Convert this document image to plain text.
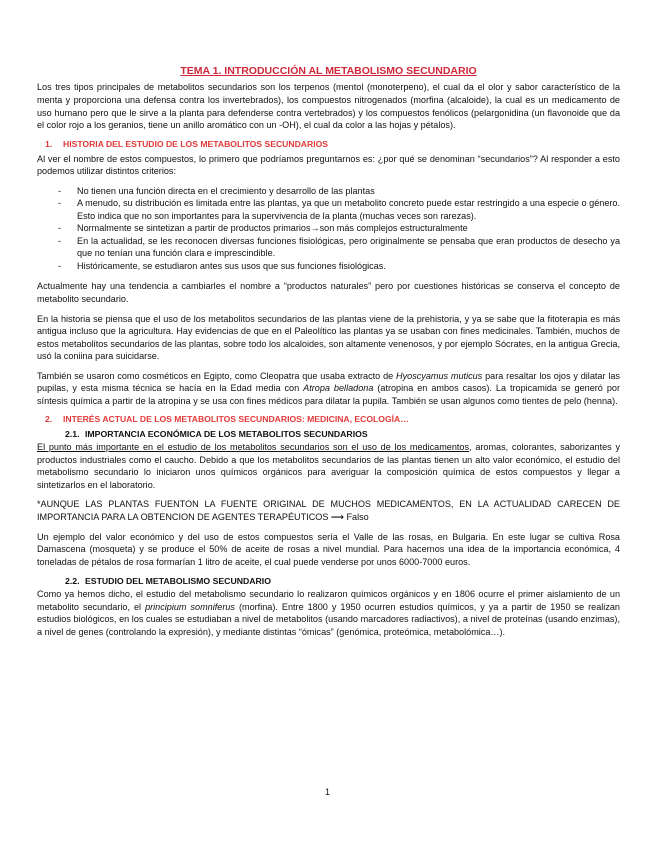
TEMA 1. INTRODUCCIÓN AL METABOLISMO SECUNDARIO

Los tres tipos principales de metabolitos secundarios son los terpenos (mentol (monoterpeno), el cual da el olor y sabor característico de la menta y proporciona una defensa contra los invertebrados), los compuestos nitrogenados (morfina (alcaloide), la cual es un medicamento de uso humano pero que le sirve a la planta para defenderse contra vertebrados) y los compuestos fenólicos (pelargonidina (un flavonoide que da el color rojo a los geranios, tiene un anillo aromático con un -OH), el cual da color a las hojas y pétalos).

1. HISTORIA DEL ESTUDIO DE LOS METABOLITOS SECUNDARIOS

Al ver el nombre de estos compuestos, lo primero que podríamos preguntarnos es: ¿por qué se denominan “secundarios”? Al responder a esto podemos utilizar distintos criterios:

- No tienen una función directa en el crecimiento y desarrollo de las plantas
- A menudo, su distribución es limitada entre las plantas, ya que un metabolito concreto puede estar restringido a una especie o género. Esto indica que no son importantes para la supervivencia de la planta (muchas veces son rarezas).
- Normalmente se sintetizan a partir de productos primarios→son más complejos estructuralmente
- En la actualidad, se les reconocen diversas funciones fisiológicas, pero originalmente se pensaba que eran productos de desecho ya que no tenían una función clara e imprescindible.
- Históricamente, se estudiaron antes sus usos que sus funciones fisiológicas.

Actualmente hay una tendencia a cambiarles el nombre a “productos naturales” pero por cuestiones históricas se conserva el concepto de metabolito secundario.

En la historia se piensa que el uso de los metabolitos secundarios de las plantas viene de la prehistoria, y ya se sabe que la fitoterapia es más antigua incluso que la agricultura. Hay evidencias de que en el Paleolítico las plantas ya se usaban con fines medicinales. También, muchos de estos metabolitos secundarios de las plantas, sobre todo los alcaloides, son altamente venenosos, y por ejemplo Sócrates, en la antigua Grecia, usó la coniina para suicidarse.

También se usaron como cosméticos en Egipto, como Cleopatra que usaba extracto de Hyoscyamus muticus para resaltar los ojos y dilatar las pupilas, y esta misma técnica se hacía en la Edad media con Atropa belladona (atropina en ambos casos). La tropicamida se generó por síntesis química a partir de la atropina y se usa con fines médicos para dilatar la pupila. También se usan algunos como tientes de pelo (henna).

2. INTERÉS ACTUAL DE LOS METABOLITOS SECUNDARIOS: MEDICINA, ECOLOGÍA…
2.1. IMPORTANCIA ECONÓMICA DE LOS METABOLITOS SECUNDARIOS

El punto más importante en el estudio de los metabolitos secundarios son el uso de los medicamentos, aromas, colorantes, saborizantes y productos industriales como el caucho. Debido a que los metabolitos secundarios de las plantas tienen un alto valor económico, el estudio del metabolismo secundario lo iniciaron unos químicos orgánicos para averiguar la composición química de estos compuestos y llegar a sintetizarlos en el laboratorio.

*AUNQUE LAS PLANTAS FUENTON LA FUENTE ORIGINAL DE MUCHOS MEDICAMENTOS, EN LA ACTUALIDAD CARECEN DE IMPORTANCIA PARA LA OBTENCION DE AGENTES TERAPÉUTICOS ⟶ Falso

Un ejemplo del valor económico y del uso de estos compuestos sería el Valle de las rosas, en Bulgaria. En este lugar se cultiva Rosa Damascena (mosqueta) y se produce el 50% de aceite de rosas a nivel mundial. Para hacernos una idea de la importancia económica, 4 toneladas de pétalos de rosa formarían 1 litro de aceite, el cual puede venderse por unos 6000-7000 euros.

2.2. ESTUDIO DEL METABOLISMO SECUNDARIO

Como ya hemos dicho, el estudio del metabolismo secundario lo realizaron químicos orgánicos y en 1806 ocurre el primer aislamiento de un metabolito secundario, el principium somniferus (morfina). Entre 1800 y 1950 ocurren estudios químicos, y ya a partir de 1950 se realizan estudios biológicos, en los cuales se estudiaban a nivel de metabolitos (usando marcadores radiactivos), a nivel de proteínas (usando enzimas), a nivel de genes (controlando la expresión), y mediante distintas “ómicas” (genómica, proteómica, metabolómica…).

1
